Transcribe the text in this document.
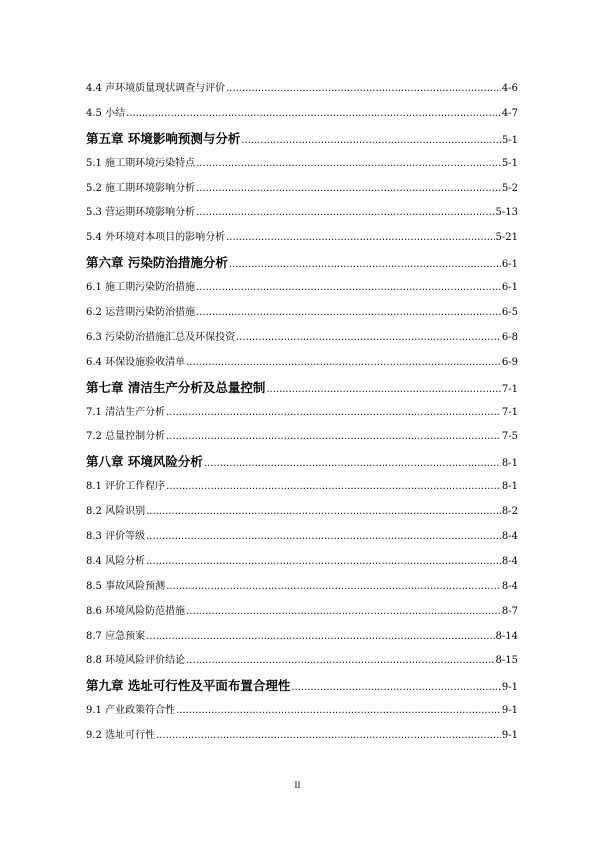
4.4 声环境质量现状调查与评价 .....	4-6
4.5 小结 .....	4-7
第五章 环境影响预测与分析 .....	5-1
5.1 施工期环境污染特点 .....	5-1
5.2 施工期环境影响分析 .....	5-2
5.3 营运期环境影响分析 .....	5-13
5.4 外环境对本项目的影响分析 .....	5-21
第六章 污染防治措施分析 .....	6-1
6.1 施工期污染防治措施 .....	6-1
6.2 运营期污染防治措施 .....	6-5
6.3 污染防治措施汇总及环保投资 .....	6-8
6.4 环保设施验收清单 .....	6-9
第七章 清洁生产分析及总量控制 .....	7-1
7.1 清洁生产分析 .....	7-1
7.2 总量控制分析 .....	7-5
第八章 环境风险分析 .....	8-1
8.1 评价工作程序 .....	8-1
8.2 风险识别 .....	8-2
8.3 评价等级 .....	8-4
8.4 风险分析 .....	8-4
8.5 事故风险预测 .....	8-4
8.6 环境风险防范措施 .....	8-7
8.7 应急预案 .....	8-14
8.8 环境风险评价结论 .....	8-15
第九章 选址可行性及平面布置合理性 .....	9-1
9.1 产业政策符合性 .....	9-1
9.2 选址可行性 .....	9-1
II
